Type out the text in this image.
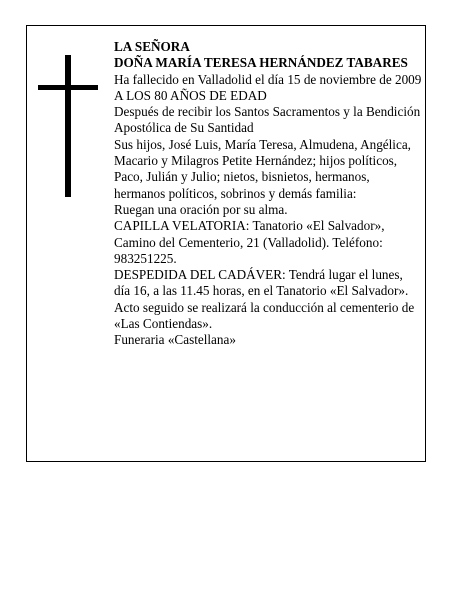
LA SEÑORA

DOÑA MARÍA TERESA HERNÁNDEZ TABARES

Ha fallecido en Valladolid el día 15 de noviembre de 2009

A LOS 80 AÑOS DE EDAD

Después de recibir los Santos Sacramentos y la Bendición Apostólica de Su Santidad

Sus hijos, José Luis, María Teresa, Almudena, Angélica, Macario y Milagros Petite Hernández; hijos políticos, Paco, Julián y Julio; nietos, bisnietos, hermanos, hermanos políticos, sobrinos y demás familia:

Ruegan una oración por su alma.

CAPILLA VELATORIA: Tanatorio «El Salvador», Camino del Cementerio, 21 (Valladolid). Teléfono: 983251225.

DESPEDIDA DEL CADÁVER: Tendrá lugar el lunes, día 16, a las 11.45 horas, en el Tanatorio «El Salvador». Acto seguido se realizará la conducción al cementerio de «Las Contiendas».

Funeraria «Castellana»
